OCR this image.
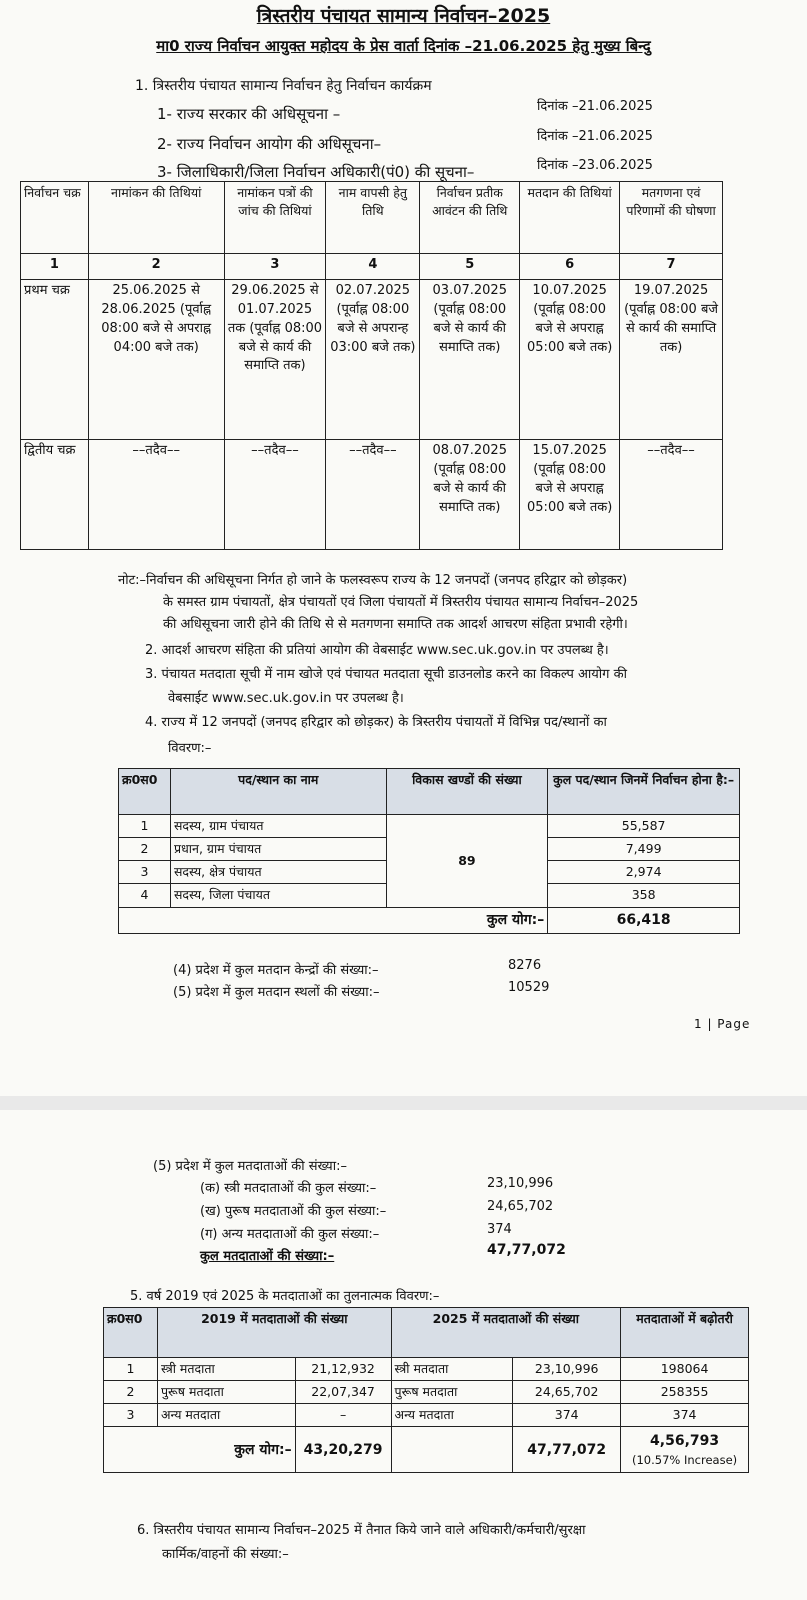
त्रिस्तरीय पंचायत सामान्य निर्वाचन–2025
मा0 राज्य निर्वाचन आयुक्त महोदय के प्रेस वार्ता दिनांक –21.06.2025 हेतु मुख्य बिन्दु
1. त्रिस्तरीय पंचायत सामान्य निर्वाचन हेतु निर्वाचन कार्यक्रम
1- राज्य सरकार की अधिसूचना –	दिनांक –21.06.2025
2- राज्य निर्वाचन आयोग की अधिसूचना–	दिनांक –21.06.2025
3- जिलाधिकारी/जिला निर्वाचन अधिकारी(पं0) की सूचना–	दिनांक –23.06.2025
निर्वाचन चक्र	नामांकन की तिथियां	नामांकन पत्रों की जांच की तिथियां	नाम वापसी हेतु तिथि	निर्वाचन प्रतीक आवंटन की तिथि	मतदान की तिथियां	मतगणना एवं परिणामों की घोषणा
1	2	3	4	5	6	7
प्रथम चक्र	25.06.2025 से 28.06.2025 (पूर्वाह्न 08:00 बजे से अपराह्न 04:00 बजे तक)	29.06.2025 से 01.07.2025 तक (पूर्वाह्न 08:00 बजे से कार्य की समाप्ति तक)	02.07.2025 (पूर्वाह्न 08:00 बजे से अपरान्ह 03:00 बजे तक)	03.07.2025 (पूर्वाह्न 08:00 बजे से कार्य की समाप्ति तक)	10.07.2025 (पूर्वाह्न 08:00 बजे से अपराह्न 05:00 बजे तक)	19.07.2025 (पूर्वाह्न 08:00 बजे से कार्य की समाप्ति तक)
द्वितीय चक्र	––तदैव––	––तदैव––	––तदैव––	08.07.2025 (पूर्वाह्न 08:00 बजे से कार्य की समाप्ति तक)	15.07.2025 (पूर्वाह्न 08:00 बजे से अपराह्न 05:00 बजे तक)	––तदैव––
नोट:–निर्वाचन की अधिसूचना निर्गत हो जाने के फलस्वरूप राज्य के 12 जनपदों (जनपद हरिद्वार को छोड़कर)
के समस्त ग्राम पंचायतों, क्षेत्र पंचायतों एवं जिला पंचायतों में त्रिस्तरीय पंचायत सामान्य निर्वाचन–2025
की अधिसूचना जारी होने की तिथि से से मतगणना समाप्ति तक आदर्श आचरण संहिता प्रभावी रहेगी।
2. आदर्श आचरण संहिता की प्रतियां आयोग की वेबसाईट www.sec.uk.gov.in पर उपलब्ध है।
3. पंचायत मतदाता सूची में नाम खोजे एवं पंचायत मतदाता सूची डाउनलोड करने का विकल्प आयोग की
वेबसाईट www.sec.uk.gov.in पर उपलब्ध है।
4. राज्य में 12 जनपदों (जनपद हरिद्वार को छोड़कर) के त्रिस्तरीय पंचायतों में विभिन्न पद/स्थानों का
विवरण:–
क्र0स0	पद/स्थान का नाम	विकास खण्डों की संख्या	कुल पद/स्थान जिनमें निर्वाचन होना है:–
1	सदस्य, ग्राम पंचायत	89	55,587
2	प्रधान, ग्राम पंचायत		7,499
3	सदस्य, क्षेत्र पंचायत		2,974
4	सदस्य, जिला पंचायत		358
कुल योग:–			66,418
(4) प्रदेश में कुल मतदान केन्द्रों की संख्या:–	8276
(5) प्रदेश में कुल मतदान स्थलों की संख्या:–	10529
1 | Page
(5) प्रदेश में कुल मतदाताओं की संख्या:–
(क) स्त्री मतदाताओं की कुल संख्या:–	23,10,996
(ख) पुरूष मतदाताओं की कुल संख्या:–	24,65,702
(ग) अन्य मतदाताओं की कुल संख्या:–	374
कुल मतदाताओं की संख्या:–	47,77,072
5. वर्ष 2019 एवं 2025 के मतदाताओं का तुलनात्मक विवरण:–
क्र0स0	2019 में मतदाताओं की संख्या		2025 में मतदाताओं की संख्या		मतदाताओं में बढ़ोतरी
1	स्त्री मतदाता	21,12,932	स्त्री मतदाता	23,10,996	198064
2	पुरूष मतदाता	22,07,347	पुरूष मतदाता	24,65,702	258355
3	अन्य मतदाता	–	अन्य मतदाता	374	374
कुल योग:–		43,20,279		47,77,072	4,56,793
(10.57% Increase)
6. त्रिस्तरीय पंचायत सामान्य निर्वाचन–2025 में तैनात किये जाने वाले अधिकारी/कर्मचारी/सुरक्षा
कार्मिक/वाहनों की संख्या:–
